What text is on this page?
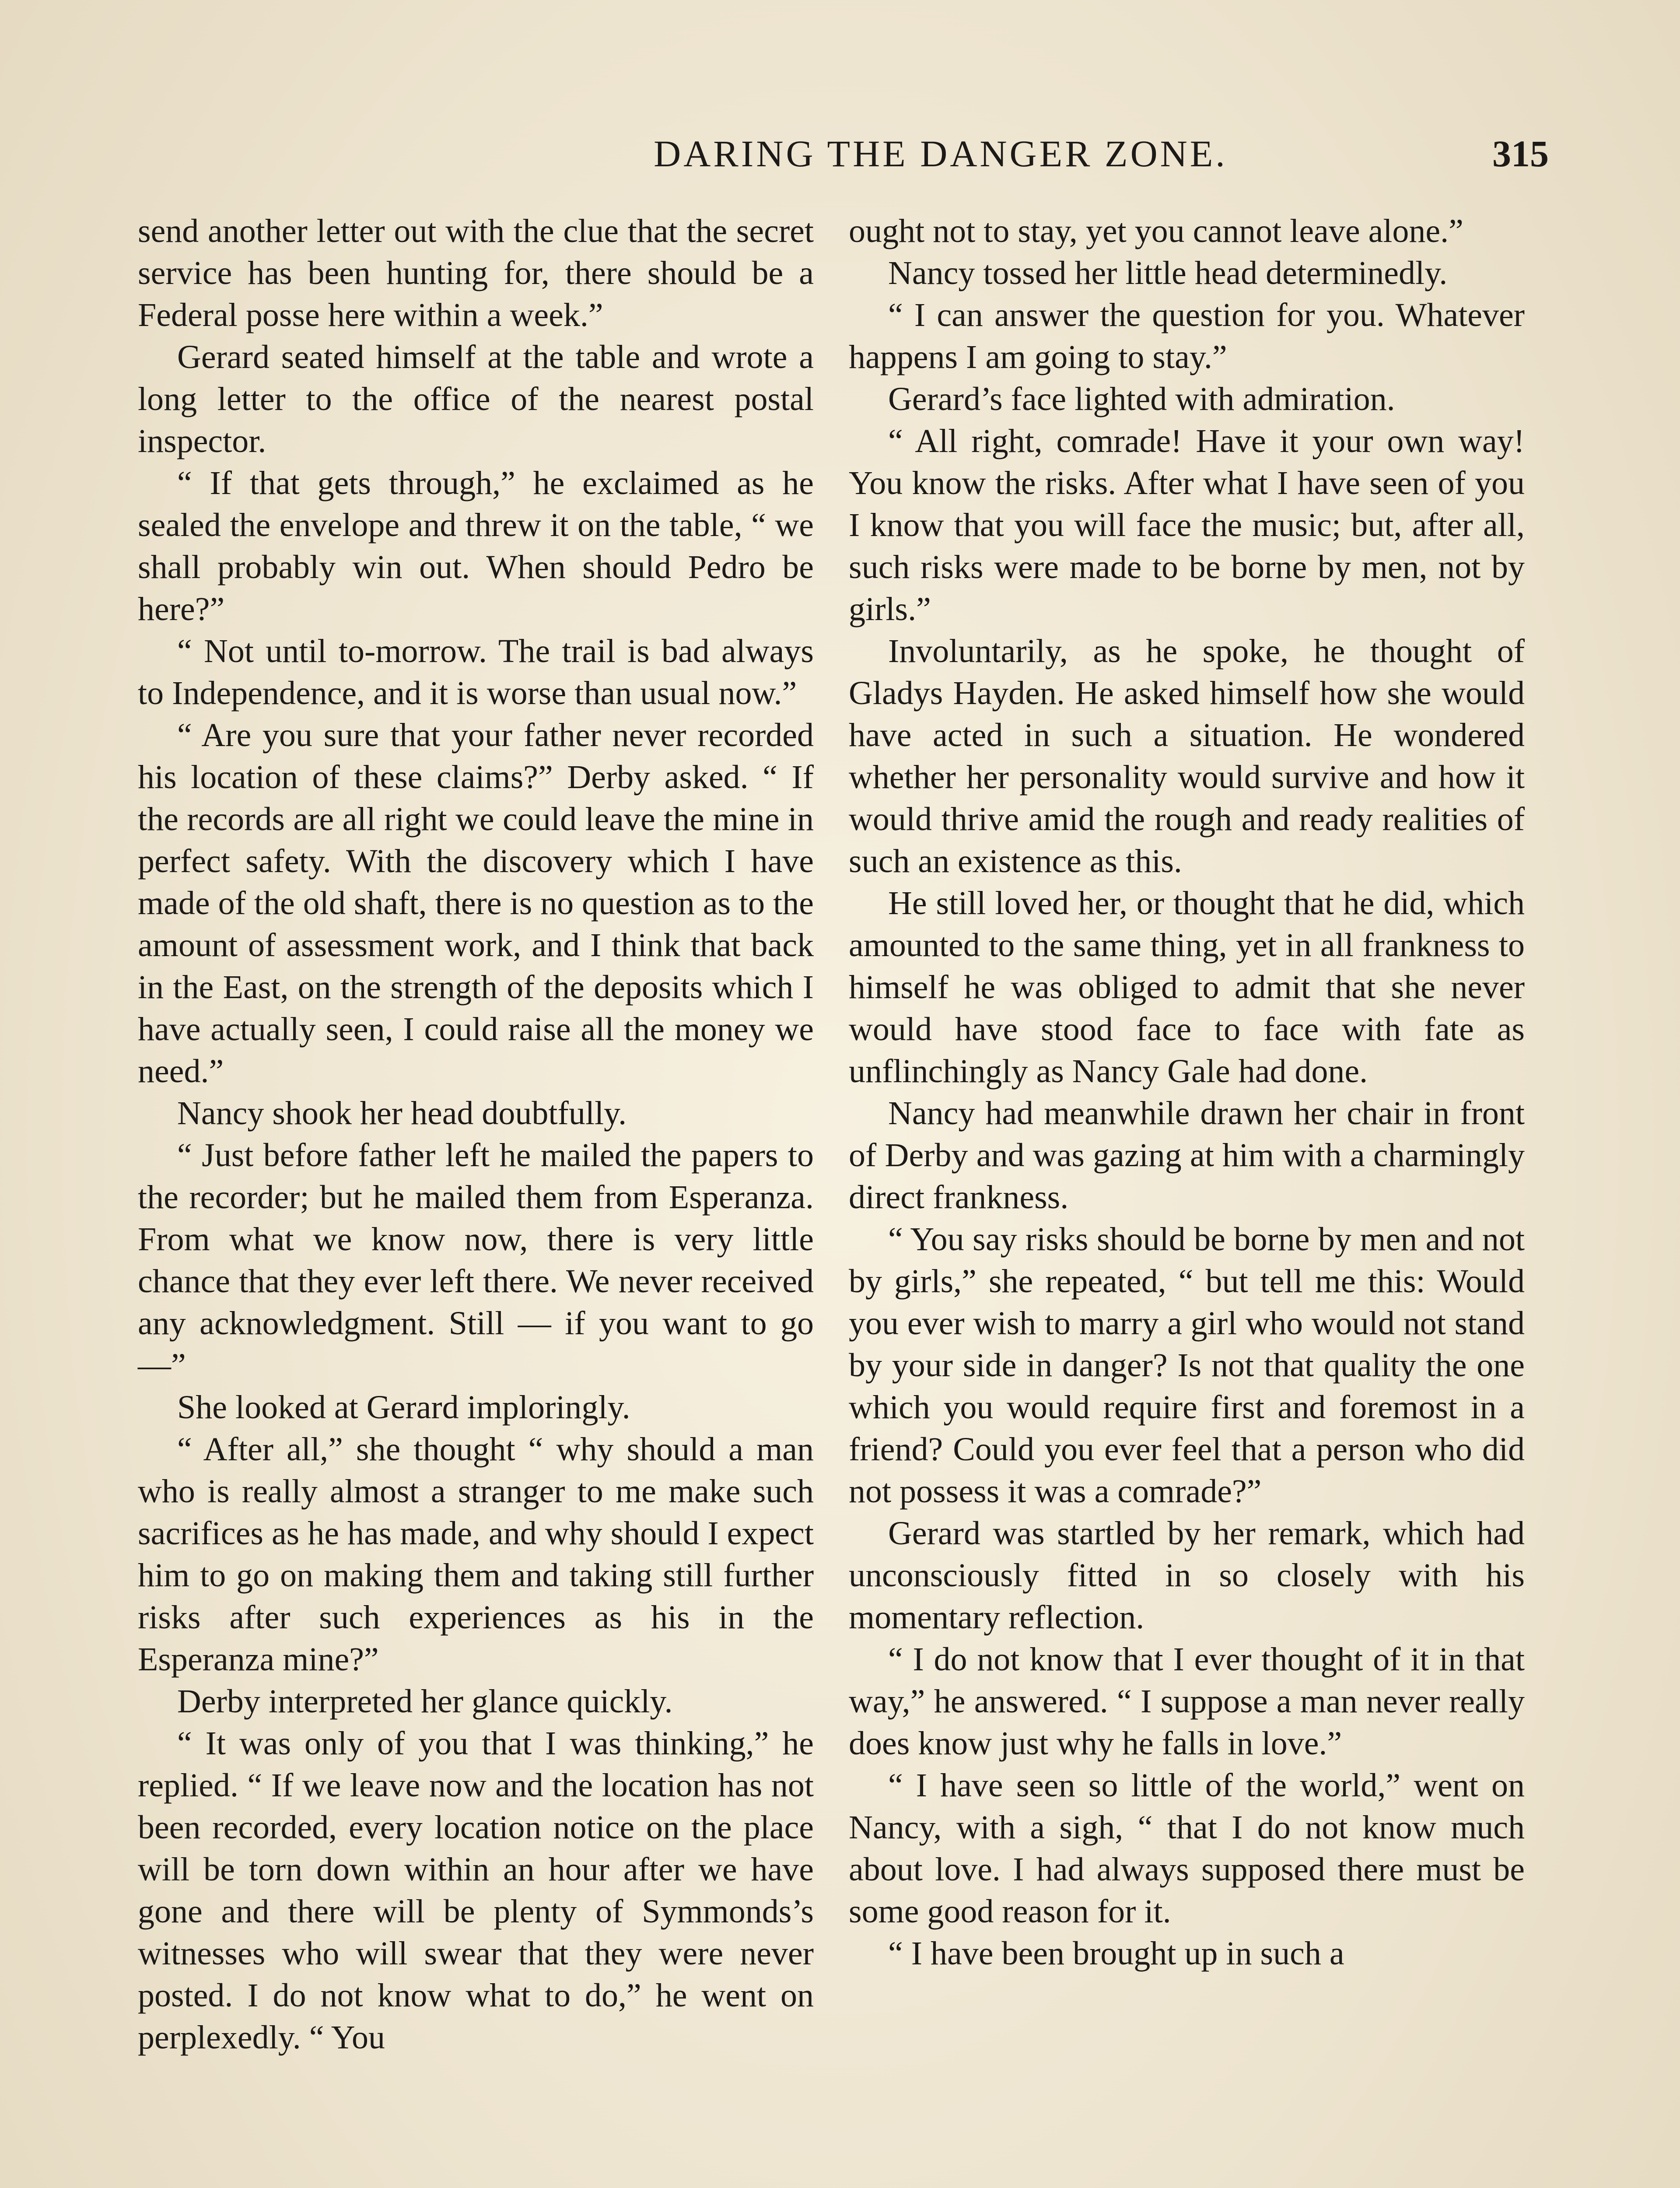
DARING THE DANGER ZONE.	315

send another letter out with the clue that the secret service has been hunting for, there should be a Federal posse here within a week.”

Gerard seated himself at the table and wrote a long letter to the office of the nearest postal inspector.

“ If that gets through,” he exclaimed as he sealed the envelope and threw it on the table, “ we shall probably win out. When should Pedro be here?”

“ Not until to-morrow. The trail is bad always to Independence, and it is worse than usual now.”

“ Are you sure that your father never recorded his location of these claims?” Derby asked. “ If the records are all right we could leave the mine in perfect safety. With the discovery which I have made of the old shaft, there is no question as to the amount of assessment work, and I think that back in the East, on the strength of the deposits which I have actually seen, I could raise all the money we need.”

Nancy shook her head doubtfully.

“ Just before father left he mailed the papers to the recorder; but he mailed them from Esperanza. From what we know now, there is very little chance that they ever left there. We never received any acknowledgment. Still — if you want to go—”

She looked at Gerard imploringly.

“ After all,” she thought “ why should a man who is really almost a stranger to me make such sacrifices as he has made, and why should I expect him to go on making them and taking still further risks after such experiences as his in the Esperanza mine?”

Derby interpreted her glance quickly.

“ It was only of you that I was thinking,” he replied. “ If we leave now and the location has not been recorded, every location notice on the place will be torn down within an hour after we have gone and there will be plenty of Symmonds’s witnesses who will swear that they were never posted. I do not know what to do,” he went on perplexedly. “ You

ought not to stay, yet you cannot leave alone.”

Nancy tossed her little head determinedly.

“ I can answer the question for you. Whatever happens I am going to stay.”

Gerard’s face lighted with admiration.

“ All right, comrade! Have it your own way! You know the risks. After what I have seen of you I know that you will face the music; but, after all, such risks were made to be borne by men, not by girls.”

Involuntarily, as he spoke, he thought of Gladys Hayden. He asked himself how she would have acted in such a situation. He wondered whether her personality would survive and how it would thrive amid the rough and ready realities of such an existence as this.

He still loved her, or thought that he did, which amounted to the same thing, yet in all frankness to himself he was obliged to admit that she never would have stood face to face with fate as unflinchingly as Nancy Gale had done.

Nancy had meanwhile drawn her chair in front of Derby and was gazing at him with a charmingly direct frankness.

“ You say risks should be borne by men and not by girls,” she repeated, “ but tell me this: Would you ever wish to marry a girl who would not stand by your side in danger? Is not that quality the one which you would require first and foremost in a friend? Could you ever feel that a person who did not possess it was a comrade?”

Gerard was startled by her remark, which had unconsciously fitted in so closely with his momentary reflection.

“ I do not know that I ever thought of it in that way,” he answered. “ I suppose a man never really does know just why he falls in love.”

“ I have seen so little of the world,” went on Nancy, with a sigh, “ that I do not know much about love. I had always supposed there must be some good reason for it.

“ I have been brought up in such a
